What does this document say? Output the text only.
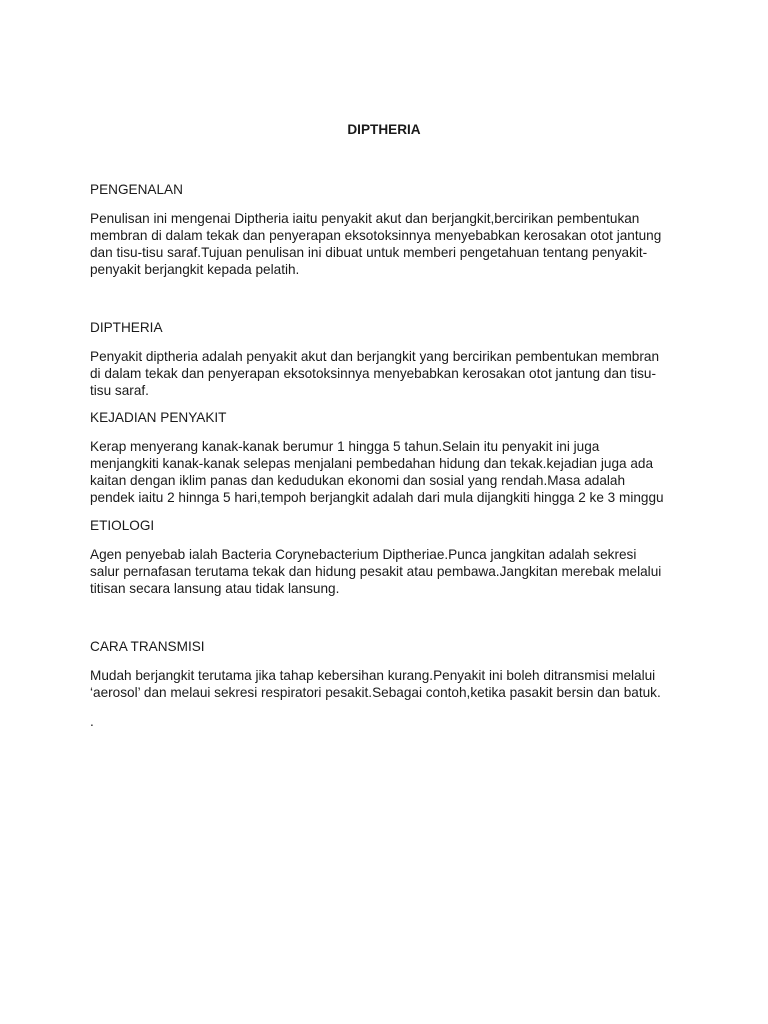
DIPTHERIA
PENGENALAN
Penulisan ini mengenai Diptheria iaitu penyakit akut dan berjangkit,bercirikan pembentukan
membran di dalam tekak dan penyerapan eksotoksinnya menyebabkan kerosakan otot jantung
dan tisu-tisu saraf.Tujuan penulisan ini dibuat untuk memberi pengetahuan tentang penyakit-
penyakit berjangkit kepada pelatih.
DIPTHERIA
Penyakit diptheria adalah penyakit akut dan berjangkit yang bercirikan pembentukan membran
di dalam tekak dan penyerapan eksotoksinnya menyebabkan kerosakan otot jantung dan tisu-
tisu saraf.
KEJADIAN PENYAKIT
Kerap menyerang kanak-kanak berumur 1 hingga 5 tahun.Selain itu penyakit ini juga
menjangkiti kanak-kanak selepas menjalani pembedahan hidung dan tekak.kejadian juga ada
kaitan dengan iklim panas dan kedudukan ekonomi dan sosial yang rendah.Masa adalah
pendek iaitu 2 hinnga 5 hari,tempoh berjangkit adalah dari mula dijangkiti hingga 2 ke 3 minggu
ETIOLOGI
Agen penyebab ialah Bacteria Corynebacterium Diptheriae.Punca jangkitan adalah sekresi
salur pernafasan terutama tekak dan hidung pesakit atau pembawa.Jangkitan merebak melalui
titisan secara lansung atau tidak lansung.
CARA TRANSMISI
Mudah berjangkit terutama jika tahap kebersihan kurang.Penyakit ini boleh ditransmisi melalui
‘aerosol’ dan melaui sekresi respiratori pesakit.Sebagai contoh,ketika pasakit bersin dan batuk.
.
